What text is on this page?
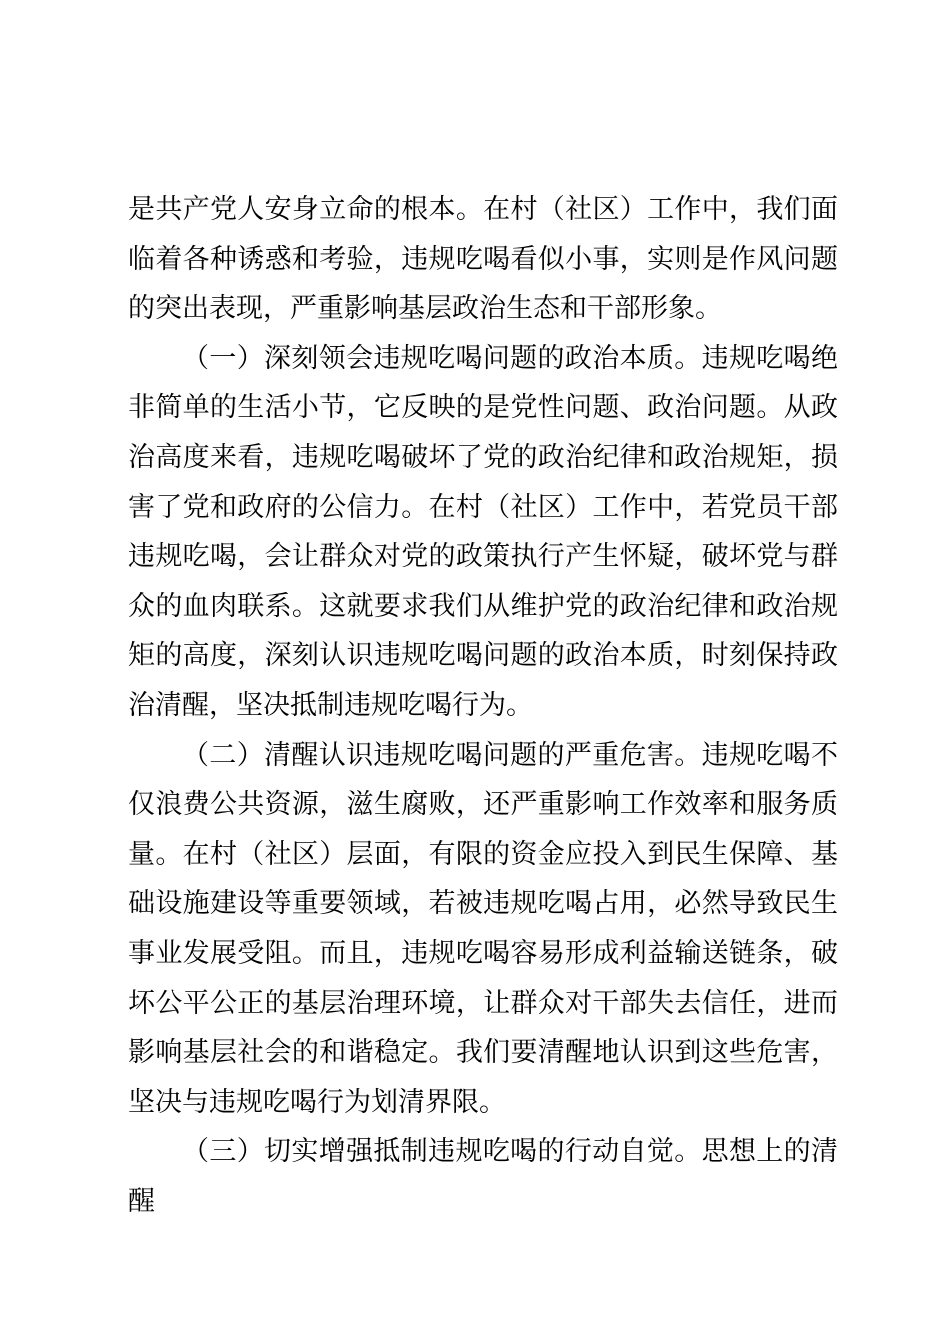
是共产党人安身立命的根本。在村（社区）工作中，我们面临着各种诱惑和考验，违规吃喝看似小事，实则是作风问题的突出表现，严重影响基层政治生态和干部形象。

（一）深刻领会违规吃喝问题的政治本质。违规吃喝绝非简单的生活小节，它反映的是党性问题、政治问题。从政治高度来看，违规吃喝破坏了党的政治纪律和政治规矩，损害了党和政府的公信力。在村（社区）工作中，若党员干部违规吃喝，会让群众对党的政策执行产生怀疑，破坏党与群众的血肉联系。这就要求我们从维护党的政治纪律和政治规矩的高度，深刻认识违规吃喝问题的政治本质，时刻保持政治清醒，坚决抵制违规吃喝行为。

（二）清醒认识违规吃喝问题的严重危害。违规吃喝不仅浪费公共资源，滋生腐败，还严重影响工作效率和服务质量。在村（社区）层面，有限的资金应投入到民生保障、基础设施建设等重要领域，若被违规吃喝占用，必然导致民生事业发展受阻。而且，违规吃喝容易形成利益输送链条，破坏公平公正的基层治理环境，让群众对干部失去信任，进而影响基层社会的和谐稳定。我们要清醒地认识到这些危害，坚决与违规吃喝行为划清界限。

（三）切实增强抵制违规吃喝的行动自觉。思想上的清醒
